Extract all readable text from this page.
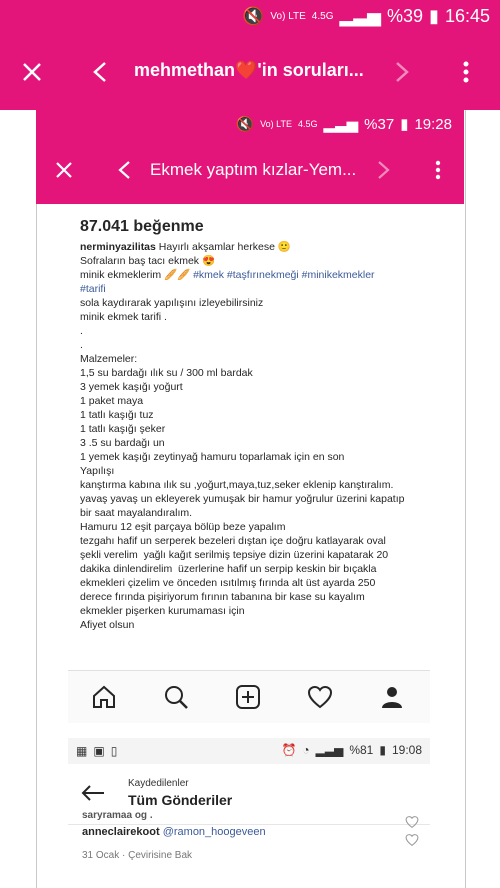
🔇 Vo) LTE 4.5G ▂▃▅ %39 ▮ 16:45
mehmethan❤️'in soruları...
🔇 Vo) LTE 4.5G ▂▃▅ %37 ▮ 19:28
Ekmek yaptım kızlar-Yem...
87.041 beğenme
nerminyazilitas Hayırlı akşamlar herkese 🙂
Sofraların baş tacı ekmek 😍
minik ekmeklerim 🥖🥖 #kmek #taşfırınekmeği #minikekmekler
#tarifi
sola kaydırarak yapılışını izleyebilirsiniz
minik ekmek tarifi .
.
.
Malzemeler:
1,5 su bardağı ılık su / 300 ml bardak
3 yemek kaşığı yoğurt
1 paket maya
1 tatlı kaşığı tuz
1 tatlı kaşığı şeker
3 .5 su bardağı un
1 yemek kaşığı zeytinyağ hamuru toparlamak için en son
Yapılışı
kanştırma kabına ılık su ,yoğurt,maya,tuz,seker eklenip kanştıralım.
yavaş yavaş un ekleyerek yumuşak bir hamur yoğrulur üzerini kapatıp
bir saat mayalandıralım.
Hamuru 12 eşit parçaya bölüp beze yapalım
tezgahı hafif un serperek bezeleri dıştan içe doğru katlayarak oval
şekli verelim  yağlı kağıt serilmiş tepsiye dizin üzerini kapatarak 20
dakika dinlendirelim  üzerlerine hafif un serpip keskin bir bıçakla
ekmekleri çizelim ve önceden ısıtılmış fırında alt üst ayarda 250
derece fırında pişiriyorum fırının tabanına bir kase su kayalım
ekmekler pişerken kurumaması için
Afiyet olsun
▦ ▣ ▯	⏰ ◔ ▂▃▅ %81 ▮ 19:08
Kaydedilenler
Tüm Gönderiler
saryramaa og .
anneclairekoot @ramon_hoogeveen
31 Ocak · Çevirisine Bak
